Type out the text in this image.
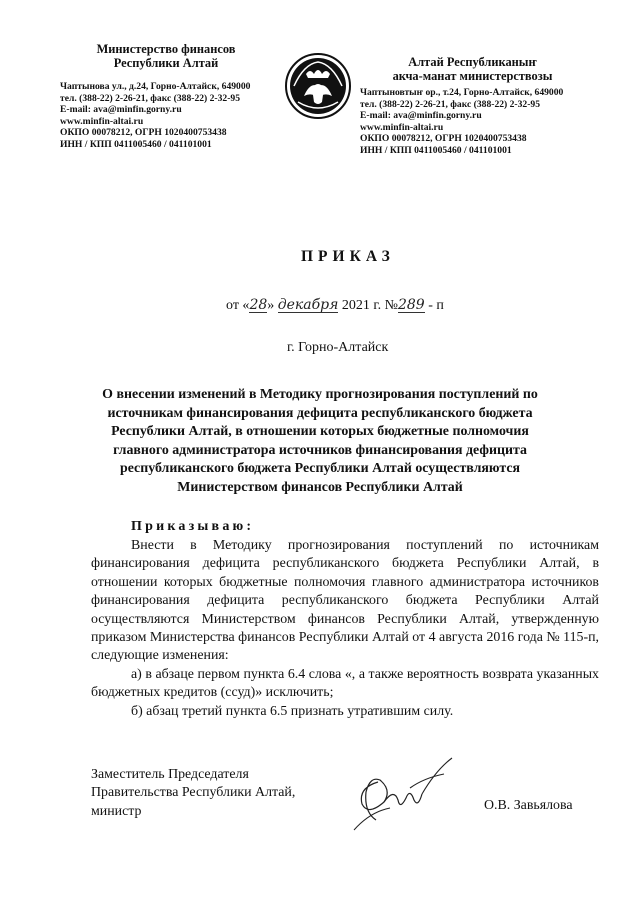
Министерство финансов
Республики Алтай
Чаптынова ул., д.24, Горно-Алтайск, 649000
тел. (388-22) 2-26-21, факс (388-22) 2-32-95
E-mail: ava@minfin.gorny.ru
www.minfin-altai.ru
ОКПО 00078212, ОГРН 1020400753438
ИНН / КПП 0411005460 / 041101001
Алтай Республиканыҥ
акча-манат министерствозы
Чаптыновтыҥ ор., т.24, Горно-Алтайск, 649000
тел. (388-22) 2-26-21, факс (388-22) 2-32-95
E-mail: ava@minfin.gorny.ru
www.minfin-altai.ru
ОКПО 00078212, ОГРН 1020400753438
ИНН / КПП 0411005460 / 041101001
ПРИКАЗ
от «28» декабря 2021 г. №289 - п
г. Горно-Алтайск
О внесении изменений в Методику прогнозирования поступлений по источникам финансирования дефицита республиканского бюджета Республики Алтай, в отношении которых бюджетные полномочия главного администратора источников финансирования дефицита республиканского бюджета Республики Алтай осуществляются Министерством финансов Республики Алтай
Приказываю:

Внести в Методику прогнозирования поступлений по источникам финансирования дефицита республиканского бюджета Республики Алтай, в отношении которых бюджетные полномочия главного администратора источников финансирования дефицита республиканского бюджета Республики Алтай осуществляются Министерством финансов Республики Алтай, утвержденную приказом Министерства финансов Республики Алтай от 4 августа 2016 года № 115-п, следующие изменения:

а) в абзаце первом пункта 6.4 слова «, а также вероятность возврата указанных бюджетных кредитов (ссуд)» исключить;

б) абзац третий пункта 6.5 признать утратившим силу.

Заместитель Председателя
Правительства Республики Алтай,
министр	О.В. Завьялова
